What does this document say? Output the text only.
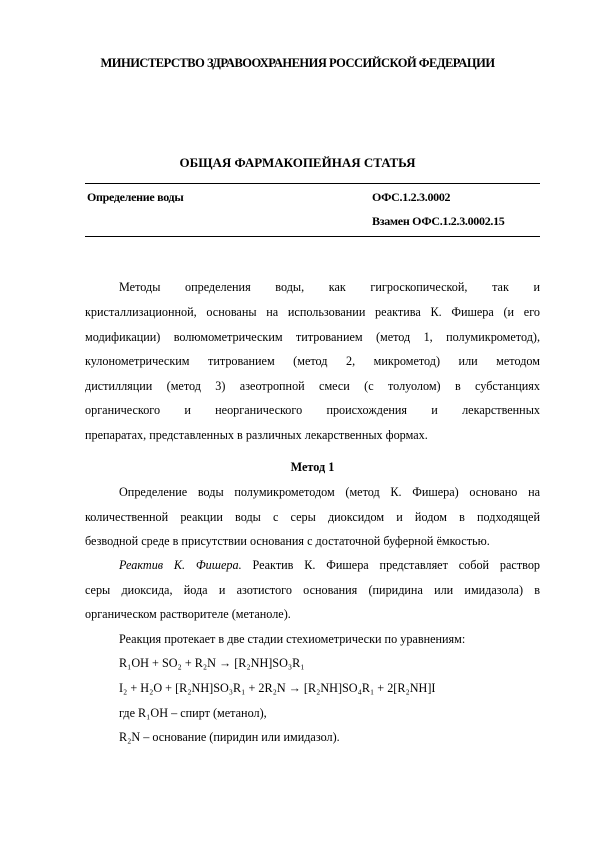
МИНИСТЕРСТВО ЗДРАВООХРАНЕНИЯ РОССИЙСКОЙ ФЕДЕРАЦИИ
ОБЩАЯ ФАРМАКОПЕЙНАЯ СТАТЬЯ
Определение воды	ОФС.1.2.3.0002
Взамен ОФС.1.2.3.0002.15
Методы определения воды, как гигроскопической, так и
кристаллизационной, основаны на использовании реактива К. Фишера (и его
модификации) волюмометрическим титрованием (метод 1, полумикрометод),
кулонометрическим титрованием (метод 2, микрометод) или методом
дистилляции (метод 3) азеотропной смеси (с толуолом) в субстанциях
органического и неорганического происхождения и лекарственных
препаратах, представленных в различных лекарственных формах.
Метод 1
Определение воды полумикрометодом (метод К. Фишера) основано на
количественной реакции воды с серы диоксидом и йодом в подходящей
безводной среде в присутствии основания с достаточной буферной ёмкостью.
Реактив К. Фишера. Реактив К. Фишера представляет собой раствор
серы диоксида, йода и азотистого основания (пиридина или имидазола) в
органическом растворителе (метаноле).
Реакция протекает в две стадии стехиометрически по уравнениям:
R₁OH + SO₂ + R₂N → [R₂NH]SO₃R₁
I₂ + H₂O + [R₂NH]SO₃R₁ + 2R₂N → [R₂NH]SO₄R₁ + 2[R₂NH]I
где R₁OH – спирт (метанол),
R₂N – основание (пиридин или имидазол).
